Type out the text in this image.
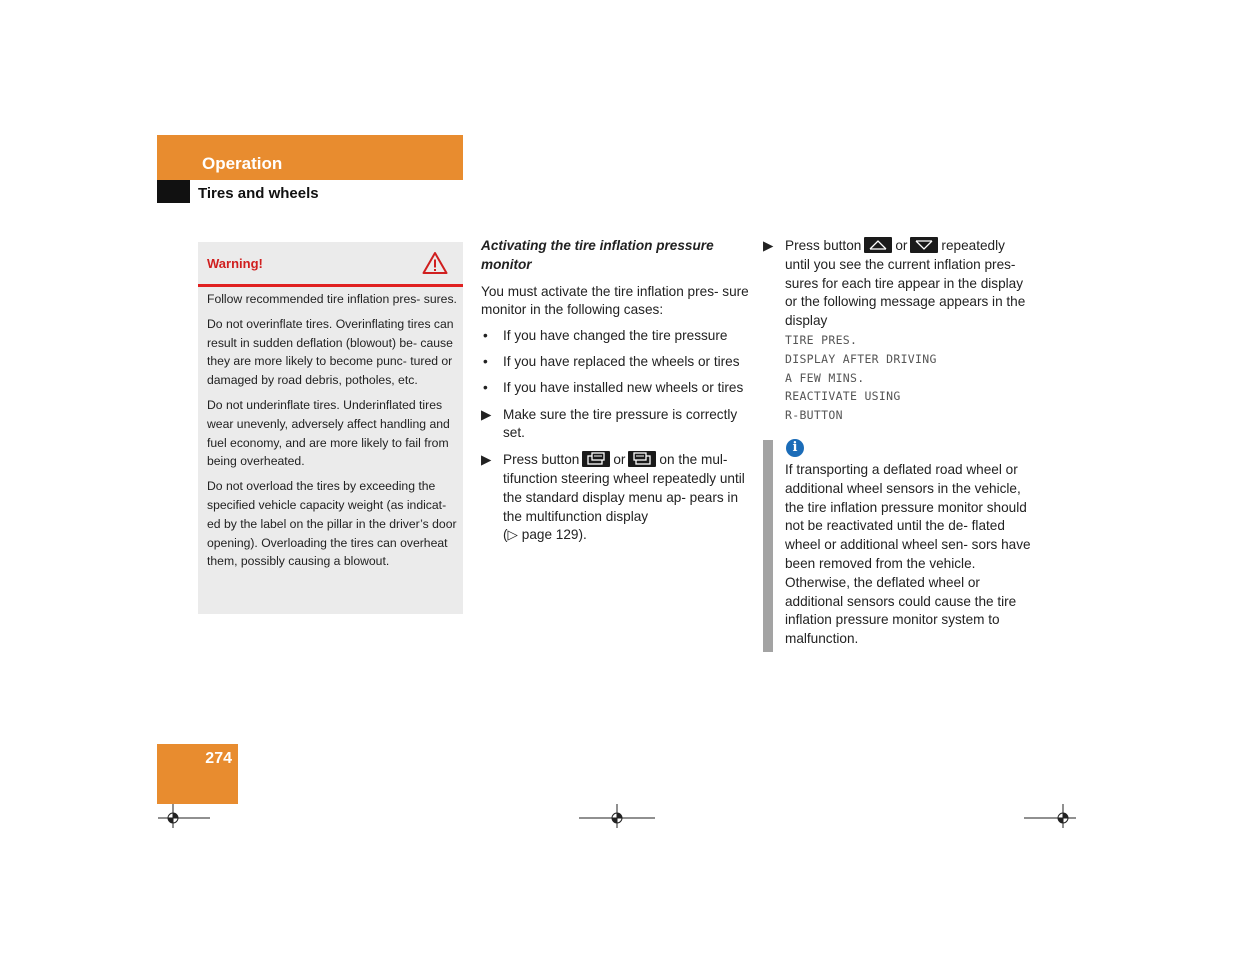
Operation
Tires and wheels
Warning!

Follow recommended tire inflation pres- sures.

Do not overinflate tires. Overinflating tires can result in sudden deflation (blowout) be- cause they are more likely to become punc- tured or damaged by road debris, potholes, etc.

Do not underinflate tires. Underinflated tires wear unevenly, adversely affect handling and fuel economy, and are more likely to fail from being overheated.

Do not overload the tires by exceeding the specified vehicle capacity weight (as indicat- ed by the label on the pillar in the driver’s door opening). Overloading the tires can overheat them, possibly causing a blowout.

Activating the tire inflation pressure monitor

You must activate the tire inflation pres- sure monitor in the following cases:

• If you have changed the tire pressure
• If you have replaced the wheels or tires
• If you have installed new wheels or tires
▶ Make sure the tire pressure is correctly set.
▶ Press button	or	on the mul- tifunction steering wheel repeatedly until the standard display menu ap- pears in the multifunction display
(▷ page 129).
▶ Press button	or	repeatedly until you see the current inflation pres- sures for each tire appear in the display or the following message appears in the display
TIRE PRES.
DISPLAY AFTER DRIVING
A FEW MINS.
REACTIVATE USING
R-BUTTON
i
If transporting a deflated road wheel or additional wheel sensors in the vehicle, the tire inflation pressure monitor should not be reactivated until the de- flated wheel or additional wheel sen- sors have been removed from the vehicle. Otherwise, the deflated wheel or additional sensors could cause the tire inflation pressure monitor system to malfunction.
274
